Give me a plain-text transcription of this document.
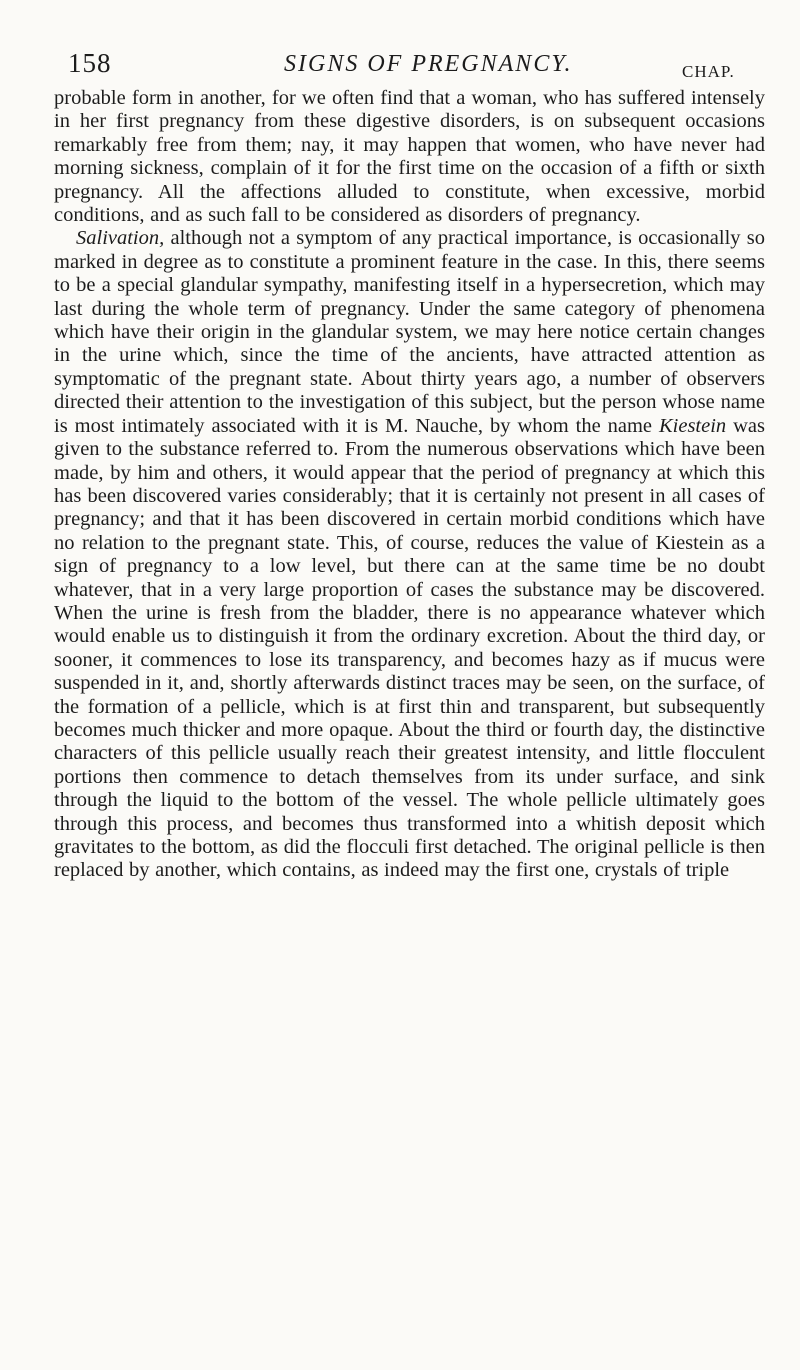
158	SIGNS OF PREGNANCY.	CHAP.

probable form in another, for we often find that a woman, who has suffered intensely in her first pregnancy from these digestive disorders, is on subsequent occasions remarkably free from them; nay, it may happen that women, who have never had morning sickness, complain of it for the first time on the occasion of a fifth or sixth pregnancy. All the affections alluded to constitute, when excessive, morbid conditions, and as such fall to be considered as disorders of pregnancy.

Salivation, although not a symptom of any practical importance, is occasionally so marked in degree as to constitute a prominent feature in the case. In this, there seems to be a special glandular sympathy, manifesting itself in a hypersecretion, which may last during the whole term of pregnancy. Under the same category of phenomena which have their origin in the glandular system, we may here notice certain changes in the urine which, since the time of the ancients, have attracted attention as symptomatic of the pregnant state. About thirty years ago, a number of observers directed their attention to the investigation of this subject, but the person whose name is most intimately associated with it is M. Nauche, by whom the name Kiestein was given to the substance referred to. From the numerous observations which have been made, by him and others, it would appear that the period of pregnancy at which this has been discovered varies considerably; that it is certainly not present in all cases of pregnancy; and that it has been discovered in certain morbid conditions which have no relation to the pregnant state. This, of course, reduces the value of Kiestein as a sign of pregnancy to a low level, but there can at the same time be no doubt whatever, that in a very large proportion of cases the substance may be discovered. When the urine is fresh from the bladder, there is no appearance whatever which would enable us to distinguish it from the ordinary excretion. About the third day, or sooner, it commences to lose its transparency, and becomes hazy as if mucus were suspended in it, and, shortly afterwards distinct traces may be seen, on the surface, of the formation of a pellicle, which is at first thin and transparent, but subsequently becomes much thicker and more opaque. About the third or fourth day, the distinctive characters of this pellicle usually reach their greatest intensity, and little flocculent portions then commence to detach themselves from its under surface, and sink through the liquid to the bottom of the vessel. The whole pellicle ultimately goes through this process, and becomes thus transformed into a whitish deposit which gravitates to the bottom, as did the flocculi first detached. The original pellicle is then replaced by another, which contains, as indeed may the first one, crystals of triple
